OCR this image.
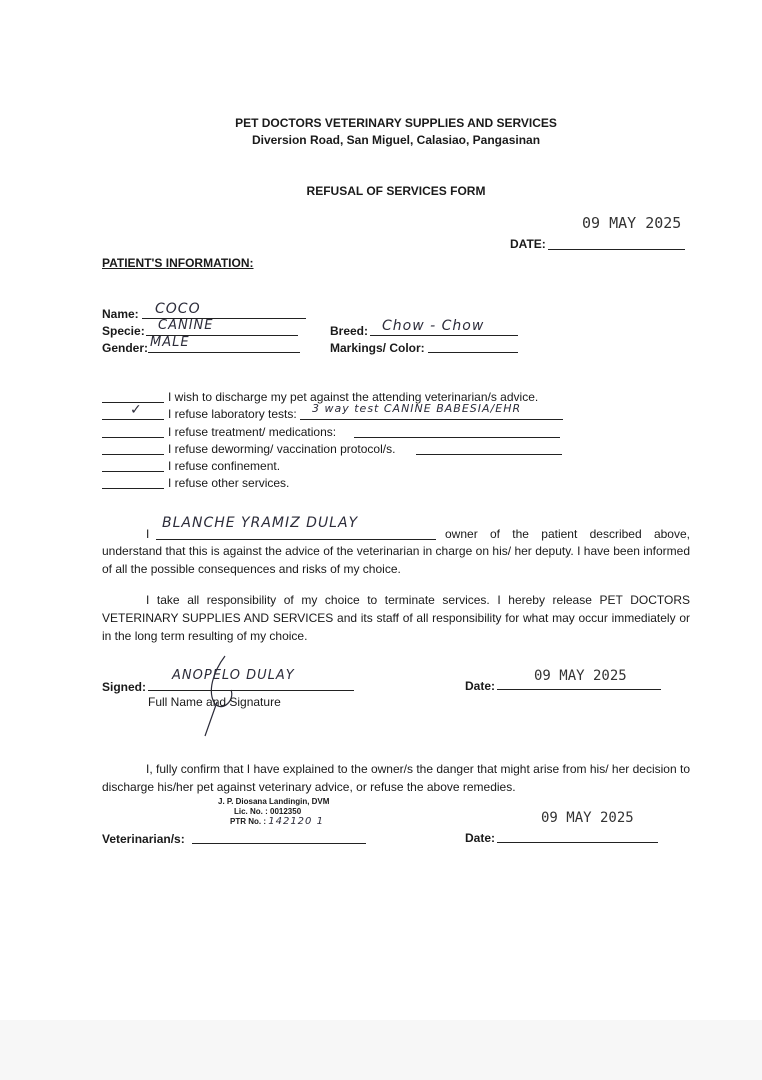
PET DOCTORS VETERINARY SUPPLIES AND SERVICES
Diversion Road, San Miguel, Calasiao, Pangasinan
REFUSAL OF SERVICES FORM
09 MAY 2025
DATE:
PATIENT'S INFORMATION:
Name: COCO
Specie: CANINE
Gender: MALE
Breed: Chow - Chow
Markings/ Color:
I wish to discharge my pet against the attending veterinarian/s advice.
✓ I refuse laboratory tests: 3 way test CANINE BABESIA/EHR
I refuse treatment/ medications:
I refuse deworming/ vaccination protocol/s.
I refuse confinement.
I refuse other services.
I
BLANCHE YRAMIZ DULAY
owner of the patient described above,
understand that this is against the advice of the veterinarian in charge on his/ her deputy. I have been informed of all the possible consequences and risks of my choice.
I take all responsibility of my choice to terminate services. I hereby release PET DOCTORS VETERINARY SUPPLIES AND SERVICES and its staff of all responsibility for what may occur immediately or in the long term resulting of my choice.
Signed:
ANOPELO DULAY
Full Name and Signature
Date:
09 MAY 2025
I, fully confirm that I have explained to the owner/s the danger that might arise from his/ her decision to discharge his/her pet against veterinary advice, or refuse the above remedies.
J. P. Diosana Landingin, DVM
Lic. No. : 0012350
PTR No. : 142120 1
Veterinarian/s:	Date:
09 MAY 2025
